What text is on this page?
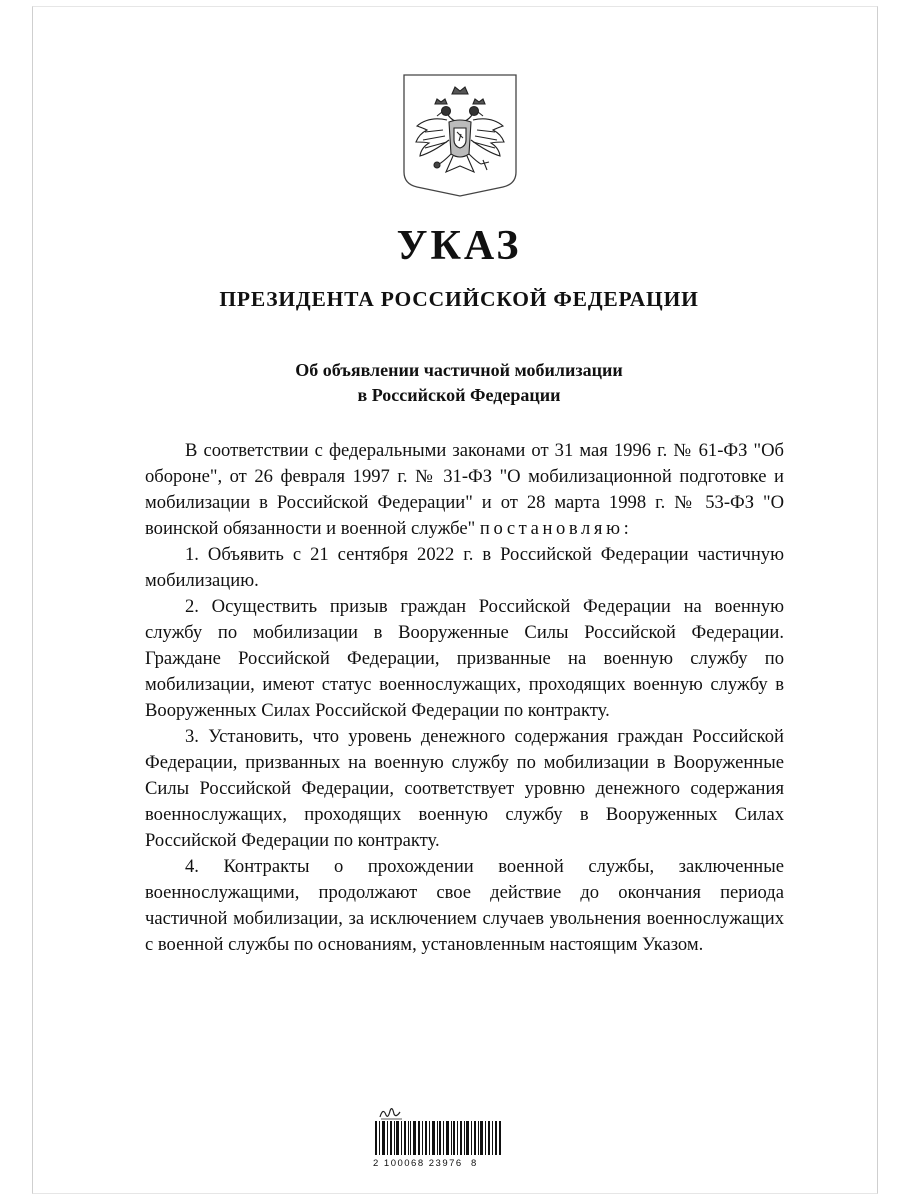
УКАЗ
ПРЕЗИДЕНТА РОССИЙСКОЙ ФЕДЕРАЦИИ
Об объявлении частичной мобилизации
в Российской Федерации

В соответствии с федеральными законами от 31 мая 1996 г. № 61-ФЗ "Об обороне", от 26 февраля 1997 г. № 31-ФЗ "О мобилизационной подготовке и мобилизации в Российской Федерации" и от 28 марта 1998 г. № 53-ФЗ "О воинской обязанности и военной службе" постановляю:

1. Объявить с 21 сентября 2022 г. в Российской Федерации частичную мобилизацию.

2. Осуществить призыв граждан Российской Федерации на военную службу по мобилизации в Вооруженные Силы Российской Федерации. Граждане Российской Федерации, призванные на военную службу по мобилизации, имеют статус военнослужащих, проходящих военную службу в Вооруженных Силах Российской Федерации по контракту.

3. Установить, что уровень денежного содержания граждан Российской Федерации, призванных на военную службу по мобилизации в Вооруженные Силы Российской Федерации, соответствует уровню денежного содержания военнослужащих, проходящих военную службу в Вооруженных Силах Российской Федерации по контракту.

4. Контракты о прохождении военной службы, заключенные военнослужащими, продолжают свое действие до окончания периода частичной мобилизации, за исключением случаев увольнения военнослужащих с военной службы по основаниям, установленным настоящим Указом.

2 100068 23976  8
